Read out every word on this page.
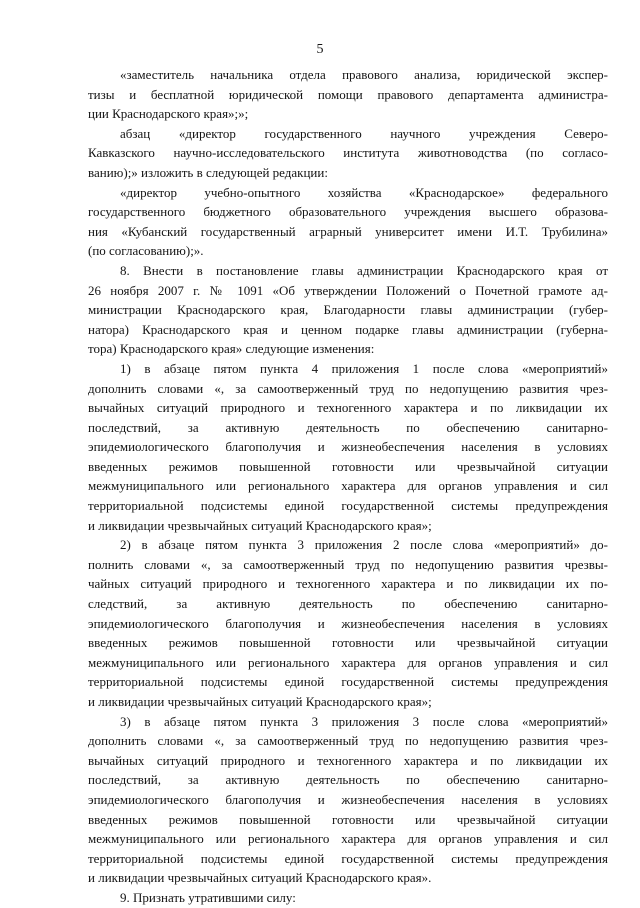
5

«заместитель начальника отдела правового анализа, юридической экспер-
тизы и бесплатной юридической помощи правового департамента администра-
ции Краснодарского края»;»;

абзац «директор государственного научного учреждения Северо-
Кавказского научно-исследовательского института животноводства (по согласо-
ванию);» изложить в следующей редакции:

«директор учебно-опытного хозяйства «Краснодарское» федерального
государственного бюджетного образовательного учреждения высшего образова-
ния «Кубанский государственный аграрный университет имени И.Т. Трубилина»
(по согласованию);».

8. Внести в постановление главы администрации Краснодарского края от
26 ноября 2007 г. № 1091 «Об утверждении Положений о Почетной грамоте ад-
министрации Краснодарского края, Благодарности главы администрации (губер-
натора) Краснодарского края и ценном подарке главы администрации (губерна-
тора) Краснодарского края» следующие изменения:

1) в абзаце пятом пункта 4 приложения 1 после слова «мероприятий»
дополнить словами «, за самоотверженный труд по недопущению развития чрез-
вычайных ситуаций природного и техногенного характера и по ликвидации их
последствий, за активную деятельность по обеспечению санитарно-
эпидемиологического благополучия и жизнеобеспечения населения в условиях
введенных режимов повышенной готовности или чрезвычайной ситуации
межмуниципального или регионального характера для органов управления и сил
территориальной подсистемы единой государственной системы предупреждения
и ликвидации чрезвычайных ситуаций Краснодарского края»;

2) в абзаце пятом пункта 3 приложения 2 после слова «мероприятий» до-
полнить словами «, за самоотверженный труд по недопущению развития чрезвы-
чайных ситуаций природного и техногенного характера и по ликвидации их по-
следствий, за активную деятельность по обеспечению санитарно-
эпидемиологического благополучия и жизнеобеспечения населения в условиях
введенных режимов повышенной готовности или чрезвычайной ситуации
межмуниципального или регионального характера для органов управления и сил
территориальной подсистемы единой государственной системы предупреждения
и ликвидации чрезвычайных ситуаций Краснодарского края»;

3) в абзаце пятом пункта 3 приложения 3 после слова «мероприятий»
дополнить словами «, за самоотверженный труд по недопущению развития чрез-
вычайных ситуаций природного и техногенного характера и по ликвидации их
последствий, за активную деятельность по обеспечению санитарно-
эпидемиологического благополучия и жизнеобеспечения населения в условиях
введенных режимов повышенной готовности или чрезвычайной ситуации
межмуниципального или регионального характера для органов управления и сил
территориальной подсистемы единой государственной системы предупреждения
и ликвидации чрезвычайных ситуаций Краснодарского края».

9. Признать утратившими силу:
